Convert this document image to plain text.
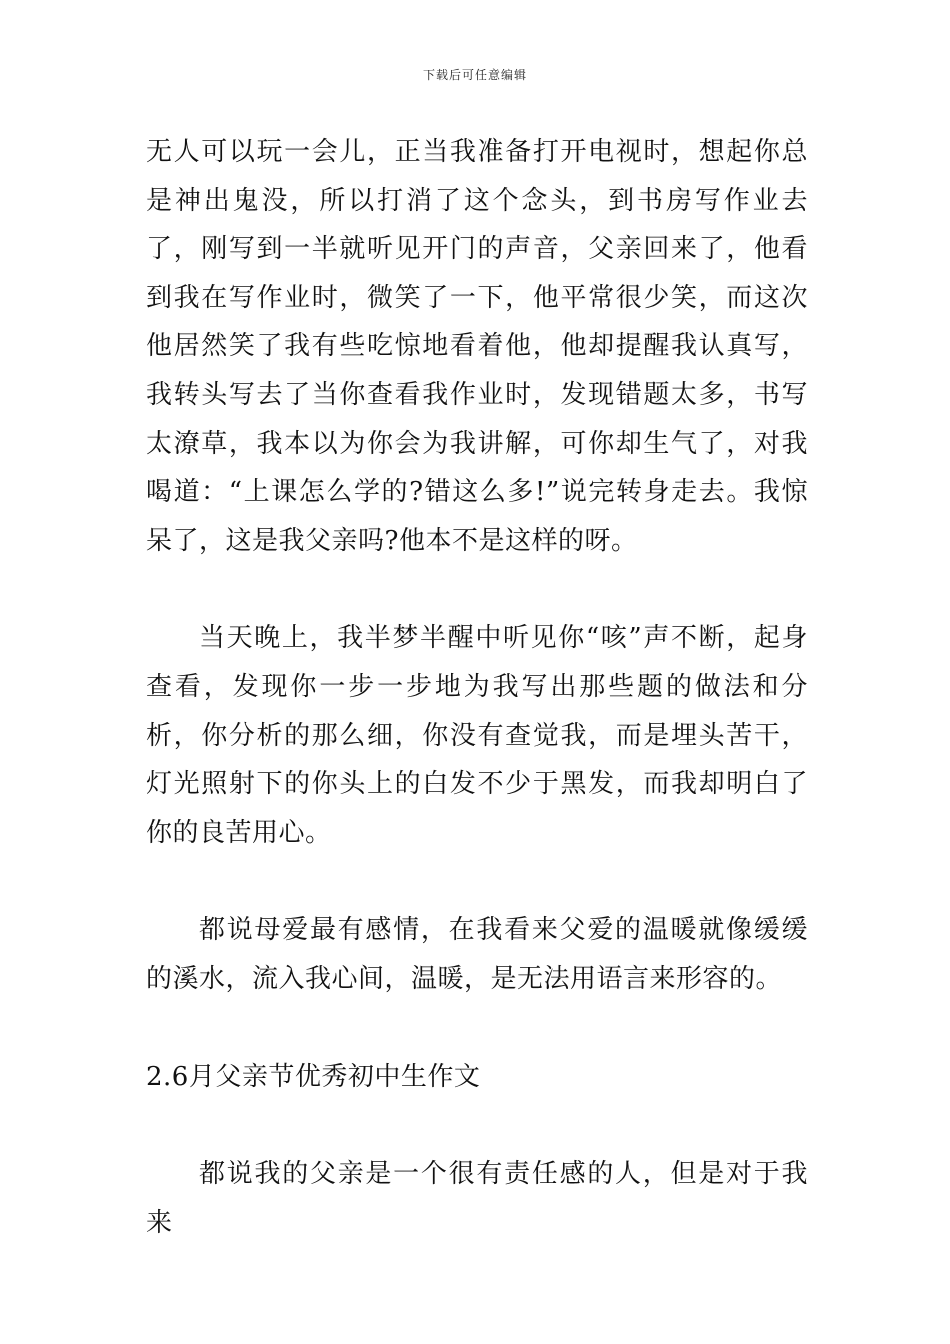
下载后可任意编辑

无人可以玩一会儿，正当我准备打开电视时，想起你总是神出鬼没，所以打消了这个念头，到书房写作业去了，刚写到一半就听见开门的声音，父亲回来了，他看到我在写作业时，微笑了一下，他平常很少笑，而这次他居然笑了我有些吃惊地看着他，他却提醒我认真写，我转头写去了当你查看我作业时，发现错题太多，书写太潦草，我本以为你会为我讲解，可你却生气了，对我喝道：“上课怎么学的?错这么多!”说完转身走去。我惊呆了，这是我父亲吗?他本不是这样的呀。

当天晚上，我半梦半醒中听见你“咳”声不断，起身查看，发现你一步一步地为我写出那些题的做法和分析，你分析的那么细，你没有查觉我，而是埋头苦干，灯光照射下的你头上的白发不少于黑发，而我却明白了你的良苦用心。

都说母爱最有感情，在我看来父爱的温暖就像缓缓的溪水，流入我心间，温暖，是无法用语言来形容的。

2.6月父亲节优秀初中生作文

都说我的父亲是一个很有责任感的人，但是对于我来
